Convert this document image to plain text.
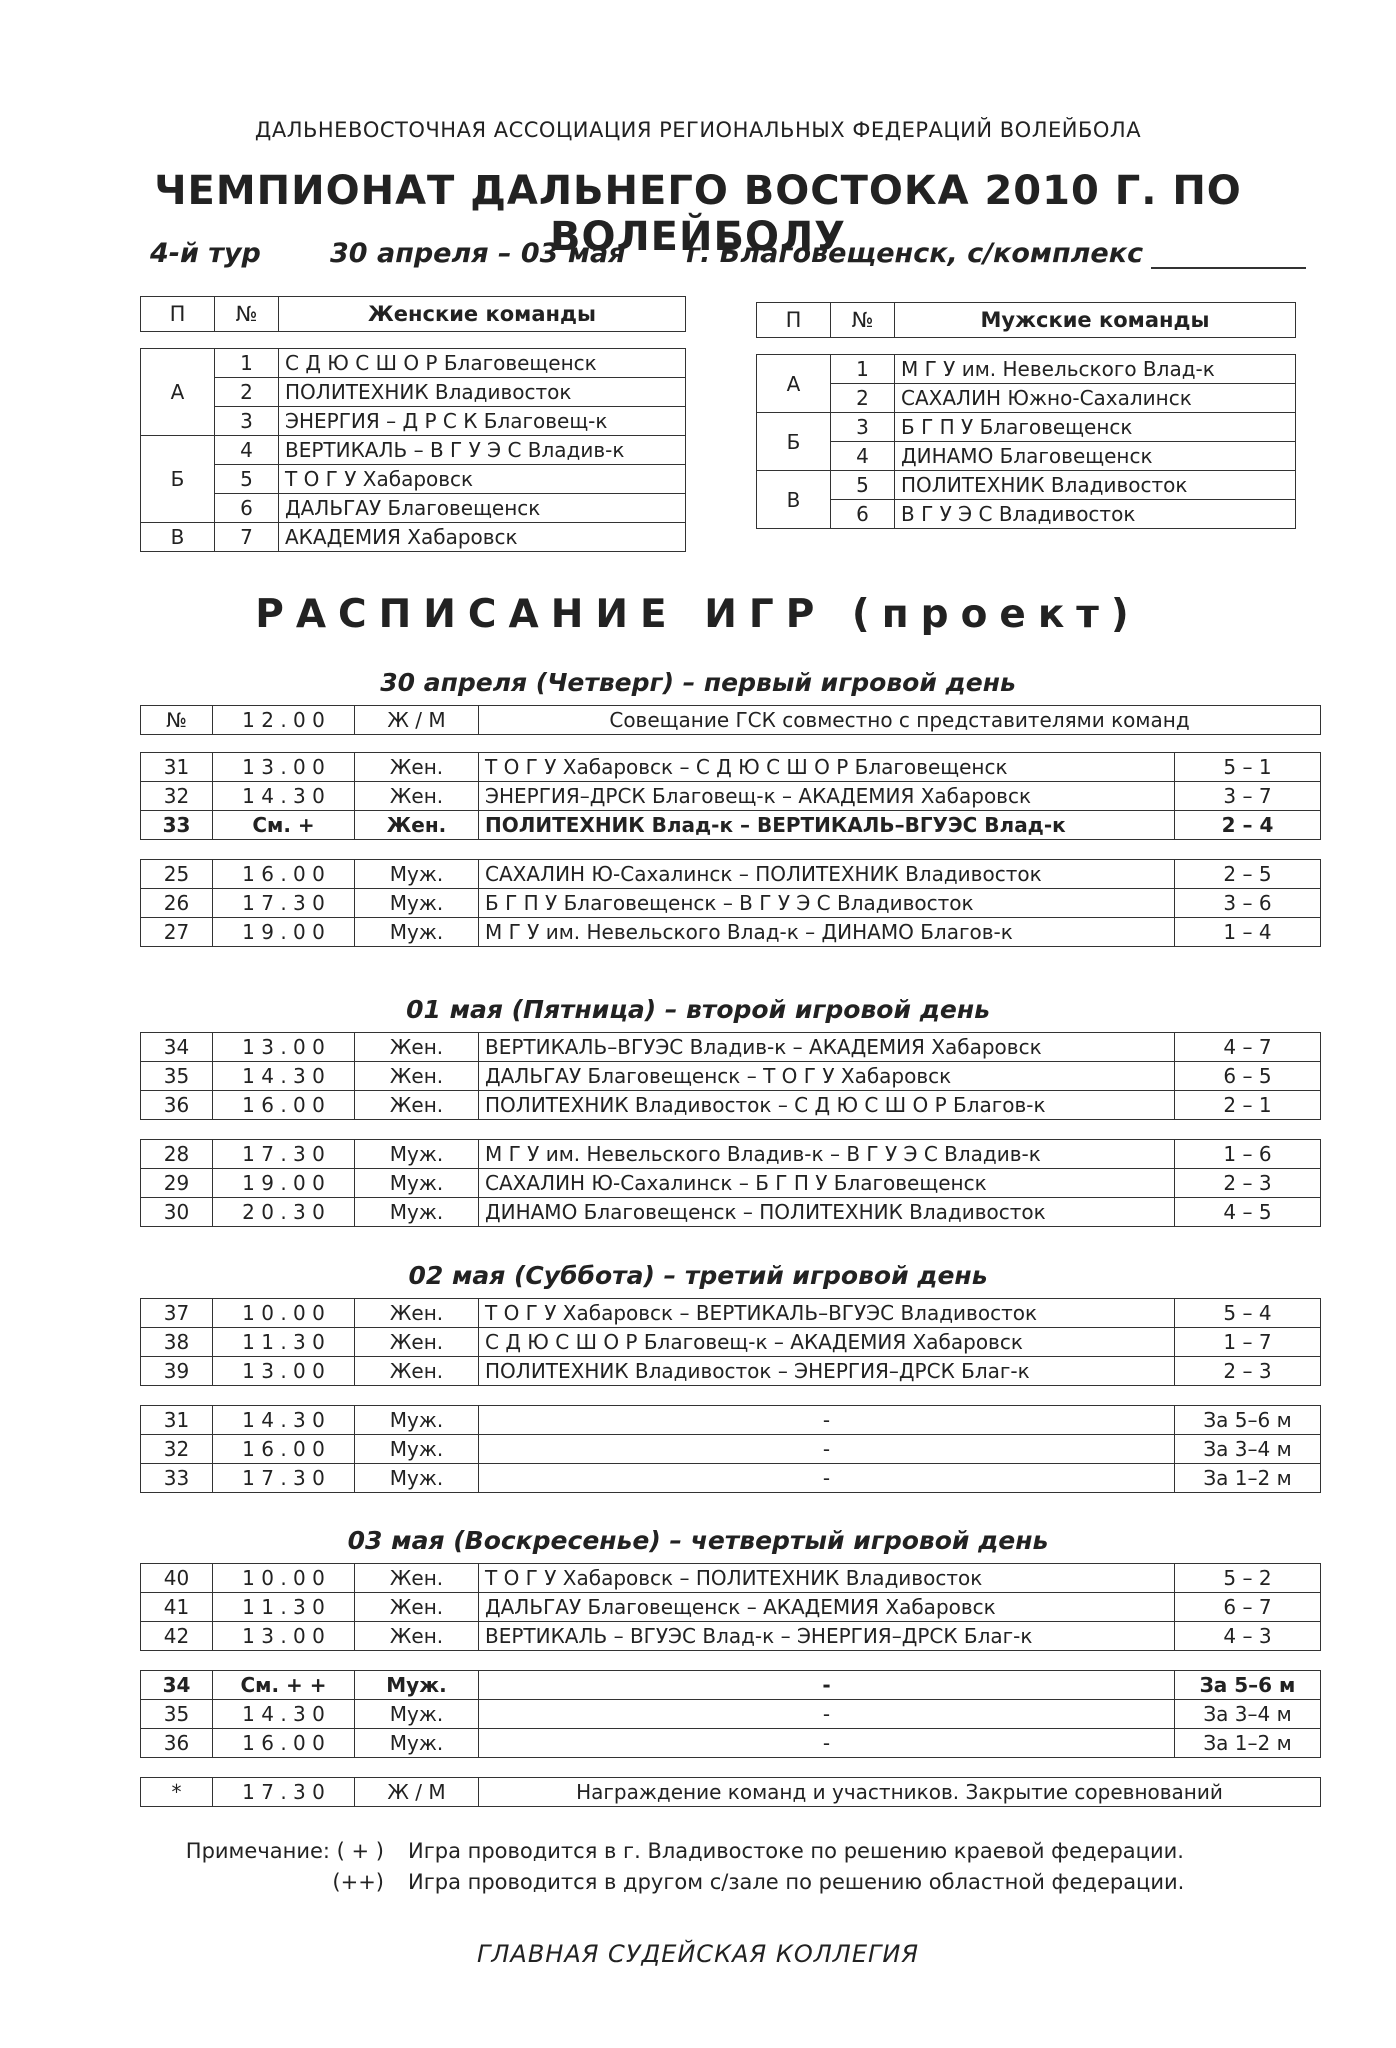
ДАЛЬНЕВОСТОЧНАЯ АССОЦИАЦИЯ РЕГИОНАЛЬНЫХ ФЕДЕРАЦИЙ ВОЛЕЙБОЛА
ЧЕМПИОНАТ ДАЛЬНЕГО ВОСТОКА 2010 Г. ПО ВОЛЕЙБОЛУ
4-й тур	30 апреля – 03 мая г. Благовещенск, с/комплекс
П	№	Женские команды
А	1	С Д Ю С Ш О Р Благовещенск
	2	ПОЛИТЕХНИК Владивосток
	3	ЭНЕРГИЯ – Д Р С К Благовещ-к
Б	4	ВЕРТИКАЛЬ – В Г У Э С Владив-к
	5	Т О Г У Хабаровск
	6	ДАЛЬГАУ Благовещенск
В	7	АКАДЕМИЯ Хабаровск
П	№	Мужские команды
А	1	М Г У им. Невельского Влад-к
	2	САХАЛИН Южно-Сахалинск
Б	3	Б Г П У Благовещенск
	4	ДИНАМО Благовещенск
В	5	ПОЛИТЕХНИК Владивосток
	6	В Г У Э С Владивосток
РАСПИСАНИЕ ИГР (проект)
30 апреля (Четверг) – первый игровой день
№	1 2 . 0 0	Ж / М	Совещание ГСК совместно с представителями команд
31	1 3 . 0 0	Жен.	Т О Г У Хабаровск – С Д Ю С Ш О Р Благовещенск	5 – 1
32	1 4 . 3 0	Жен.	ЭНЕРГИЯ–ДРСК Благовещ-к – АКАДЕМИЯ Хабаровск	3 – 7
33	См. +	Жен.	ПОЛИТЕХНИК Влад-к – ВЕРТИКАЛЬ–ВГУЭС Влад-к	2 – 4
25	1 6 . 0 0	Муж.	САХАЛИН Ю-Сахалинск – ПОЛИТЕХНИК Владивосток	2 – 5
26	1 7 . 3 0	Муж.	Б Г П У Благовещенск – В Г У Э С Владивосток	3 – 6
27	1 9 . 0 0	Муж.	М Г У им. Невельского Влад-к – ДИНАМО Благов-к	1 – 4
01 мая (Пятница) – второй игровой день
34	1 3 . 0 0	Жен.	ВЕРТИКАЛЬ–ВГУЭС Владив-к – АКАДЕМИЯ Хабаровск	4 – 7
35	1 4 . 3 0	Жен.	ДАЛЬГАУ Благовещенск – Т О Г У Хабаровск	6 – 5
36	1 6 . 0 0	Жен.	ПОЛИТЕХНИК Владивосток – С Д Ю С Ш О Р Благов-к	2 – 1
28	1 7 . 3 0	Муж.	М Г У им. Невельского Владив-к – В Г У Э С Владив-к	1 – 6
29	1 9 . 0 0	Муж.	САХАЛИН Ю-Сахалинск – Б Г П У Благовещенск	2 – 3
30	2 0 . 3 0	Муж.	ДИНАМО Благовещенск – ПОЛИТЕХНИК Владивосток	4 – 5
02 мая (Суббота) – третий игровой день
37	1 0 . 0 0	Жен.	Т О Г У Хабаровск – ВЕРТИКАЛЬ–ВГУЭС Владивосток	5 – 4
38	1 1 . 3 0	Жен.	С Д Ю С Ш О Р Благовещ-к – АКАДЕМИЯ Хабаровск	1 – 7
39	1 3 . 0 0	Жен.	ПОЛИТЕХНИК Владивосток – ЭНЕРГИЯ–ДРСК Благ-к	2 – 3
31	1 4 . 3 0	Муж.	-	За 5–6 м
32	1 6 . 0 0	Муж.	-	За 3–4 м
33	1 7 . 3 0	Муж.	-	За 1–2 м
03 мая (Воскресенье) – четвертый игровой день
40	1 0 . 0 0	Жен.	Т О Г У Хабаровск – ПОЛИТЕХНИК Владивосток	5 – 2
41	1 1 . 3 0	Жен.	ДАЛЬГАУ Благовещенск – АКАДЕМИЯ Хабаровск	6 – 7
42	1 3 . 0 0	Жен.	ВЕРТИКАЛЬ – ВГУЭС Влад-к – ЭНЕРГИЯ–ДРСК Благ-к	4 – 3
34	См. + +	Муж.	-	За 5–6 м
35	1 4 . 3 0	Муж.	-	За 3–4 м
36	1 6 . 0 0	Муж.	-	За 1–2 м
*	1 7 . 3 0	Ж / М	Награждение команд и участников. Закрытие соревнований
Примечание: ( + ) Игра проводится в г. Владивостоке по решению краевой федерации.
(++) Игра проводится в другом с/зале по решению областной федерации.
ГЛАВНАЯ СУДЕЙСКАЯ КОЛЛЕГИЯ
